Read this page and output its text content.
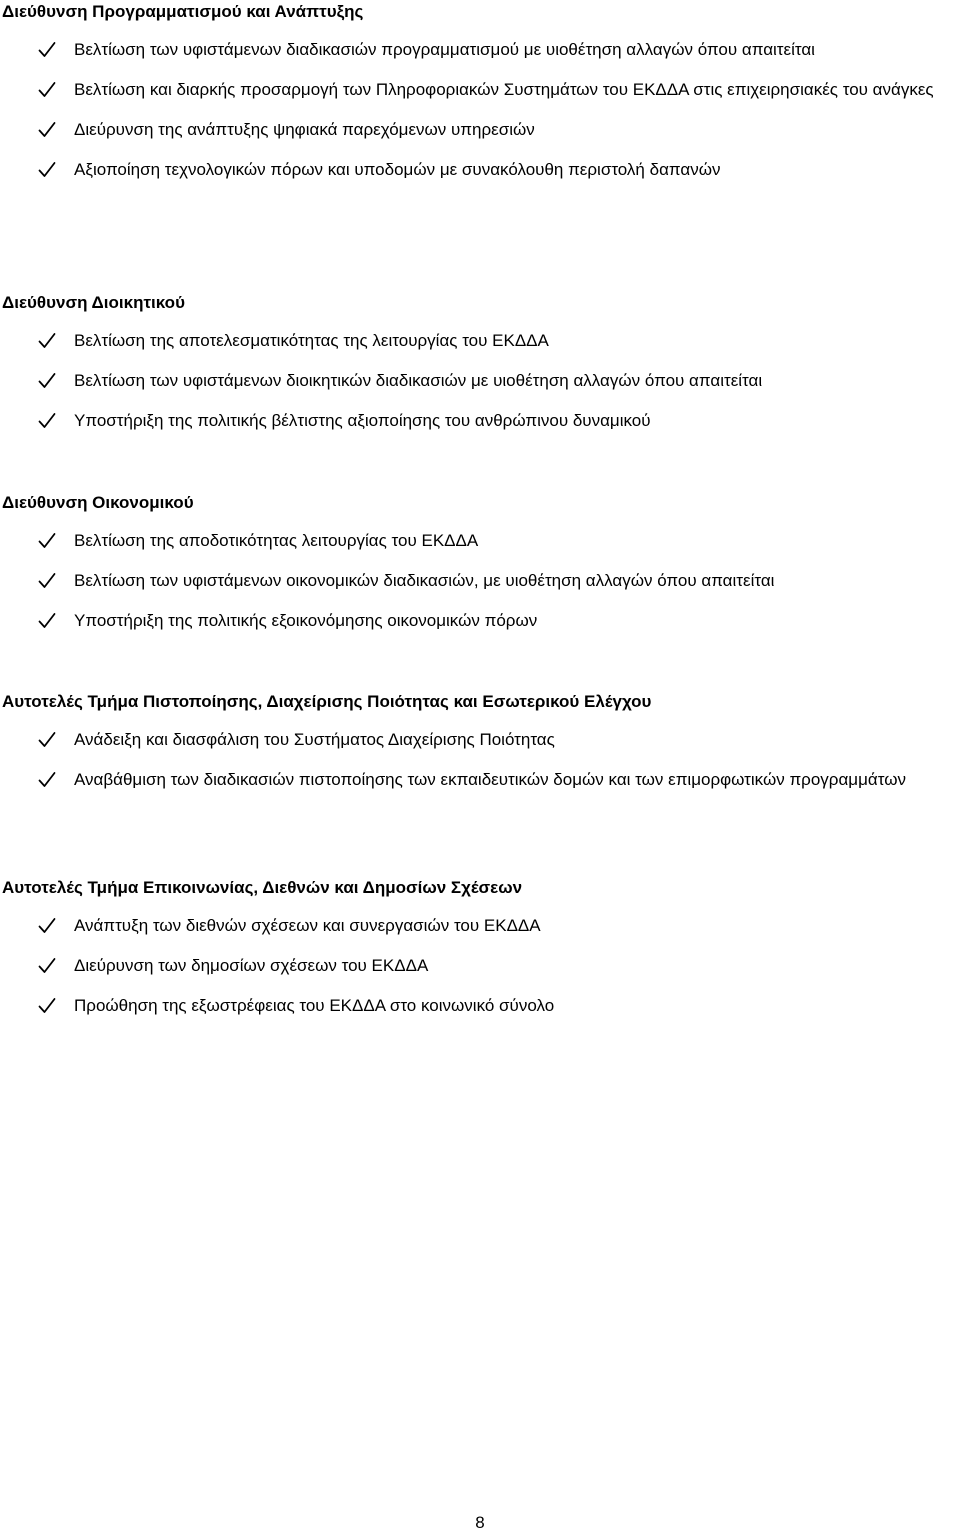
Διεύθυνση Προγραμματισμού και Ανάπτυξης
Βελτίωση των υφιστάμενων διαδικασιών προγραμματισμού με υιοθέτηση αλλαγών όπου απαιτείται
Βελτίωση και διαρκής προσαρμογή των Πληροφοριακών Συστημάτων του ΕΚΔΔΑ στις επιχειρησιακές του ανάγκες
Διεύρυνση της ανάπτυξης ψηφιακά παρεχόμενων υπηρεσιών
Αξιοποίηση τεχνολογικών πόρων και υποδομών με συνακόλουθη περιστολή δαπανών
Διεύθυνση Διοικητικού
Βελτίωση της αποτελεσματικότητας της λειτουργίας του ΕΚΔΔΑ
Βελτίωση των υφιστάμενων διοικητικών διαδικασιών με υιοθέτηση αλλαγών όπου απαιτείται
Υποστήριξη της πολιτικής βέλτιστης αξιοποίησης του ανθρώπινου δυναμικού
Διεύθυνση Οικονομικού
Βελτίωση της αποδοτικότητας λειτουργίας του ΕΚΔΔΑ
Βελτίωση των υφιστάμενων οικονομικών διαδικασιών, με υιοθέτηση αλλαγών όπου απαιτείται
Υποστήριξη της πολιτικής εξοικονόμησης οικονομικών πόρων
Αυτοτελές Τμήμα Πιστοποίησης, Διαχείρισης Ποιότητας και Εσωτερικού Ελέγχου
Ανάδειξη και διασφάλιση του Συστήματος Διαχείρισης Ποιότητας
Αναβάθμιση των διαδικασιών πιστοποίησης των εκπαιδευτικών δομών και των επιμορφωτικών προγραμμάτων
Αυτοτελές Τμήμα Επικοινωνίας, Διεθνών και Δημοσίων Σχέσεων
Ανάπτυξη των διεθνών σχέσεων και συνεργασιών του ΕΚΔΔΑ
Διεύρυνση των δημοσίων σχέσεων του ΕΚΔΔΑ
Προώθηση της εξωστρέφειας του ΕΚΔΔΑ στο κοινωνικό σύνολο
8
